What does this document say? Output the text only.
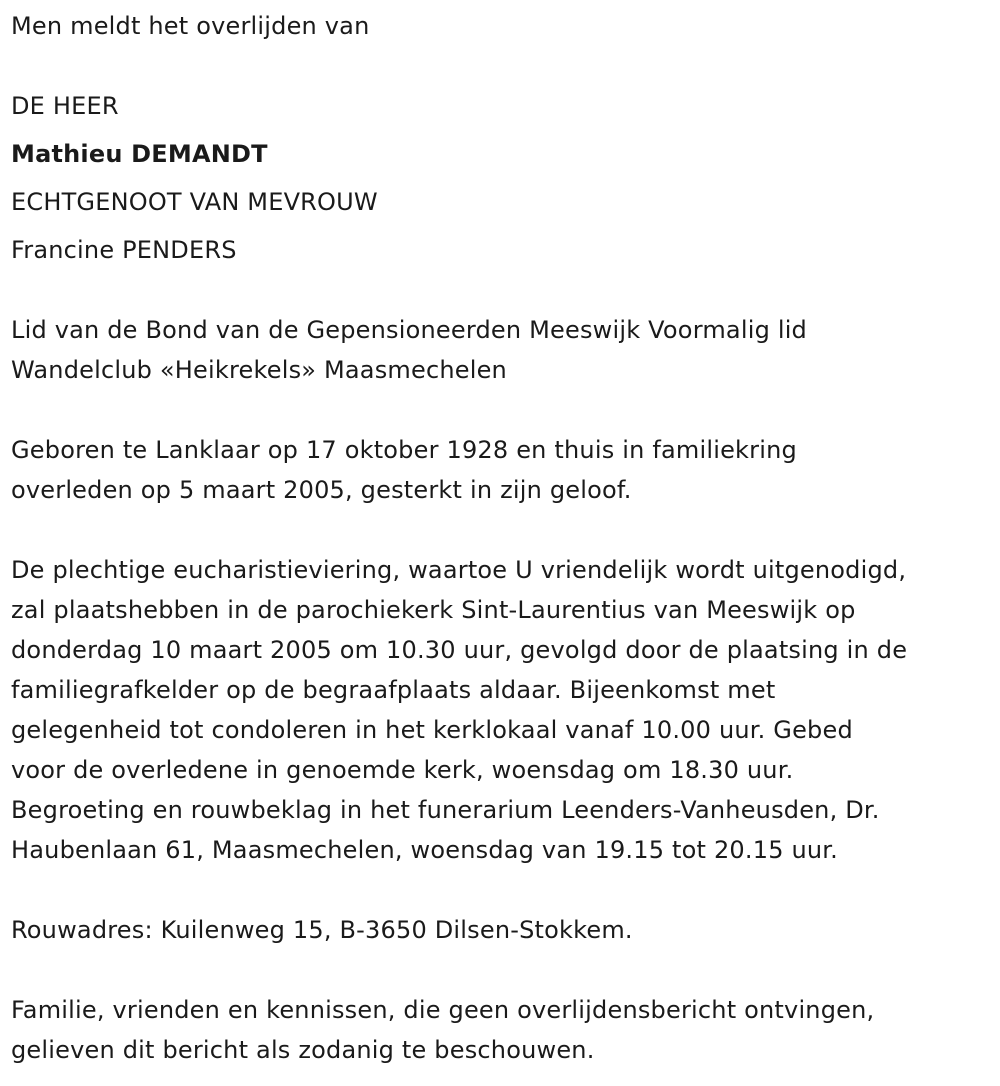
Men meldt het overlijden van
DE HEER
Mathieu DEMANDT
ECHTGENOOT VAN MEVROUW
Francine PENDERS
Lid van de Bond van de Gepensioneerden Meeswijk Voormalig lid
Wandelclub «Heikrekels» Maasmechelen
Geboren te Lanklaar op 17 oktober 1928 en thuis in familiekring
overleden op 5 maart 2005, gesterkt in zijn geloof.
De plechtige eucharistieviering, waartoe U vriendelijk wordt uitgenodigd,
zal plaatshebben in de parochiekerk Sint-Laurentius van Meeswijk op
donderdag 10 maart 2005 om 10.30 uur, gevolgd door de plaatsing in de
familiegrafkelder op de begraafplaats aldaar. Bijeenkomst met
gelegenheid tot condoleren in het kerklokaal vanaf 10.00 uur. Gebed
voor de overledene in genoemde kerk, woensdag om 18.30 uur.
Begroeting en rouwbeklag in het funerarium Leenders-Vanheusden, Dr.
Haubenlaan 61, Maasmechelen, woensdag van 19.15 tot 20.15 uur.
Rouwadres: Kuilenweg 15, B-3650 Dilsen-Stokkem.
Familie, vrienden en kennissen, die geen overlijdensbericht ontvingen,
gelieven dit bericht als zodanig te beschouwen.
